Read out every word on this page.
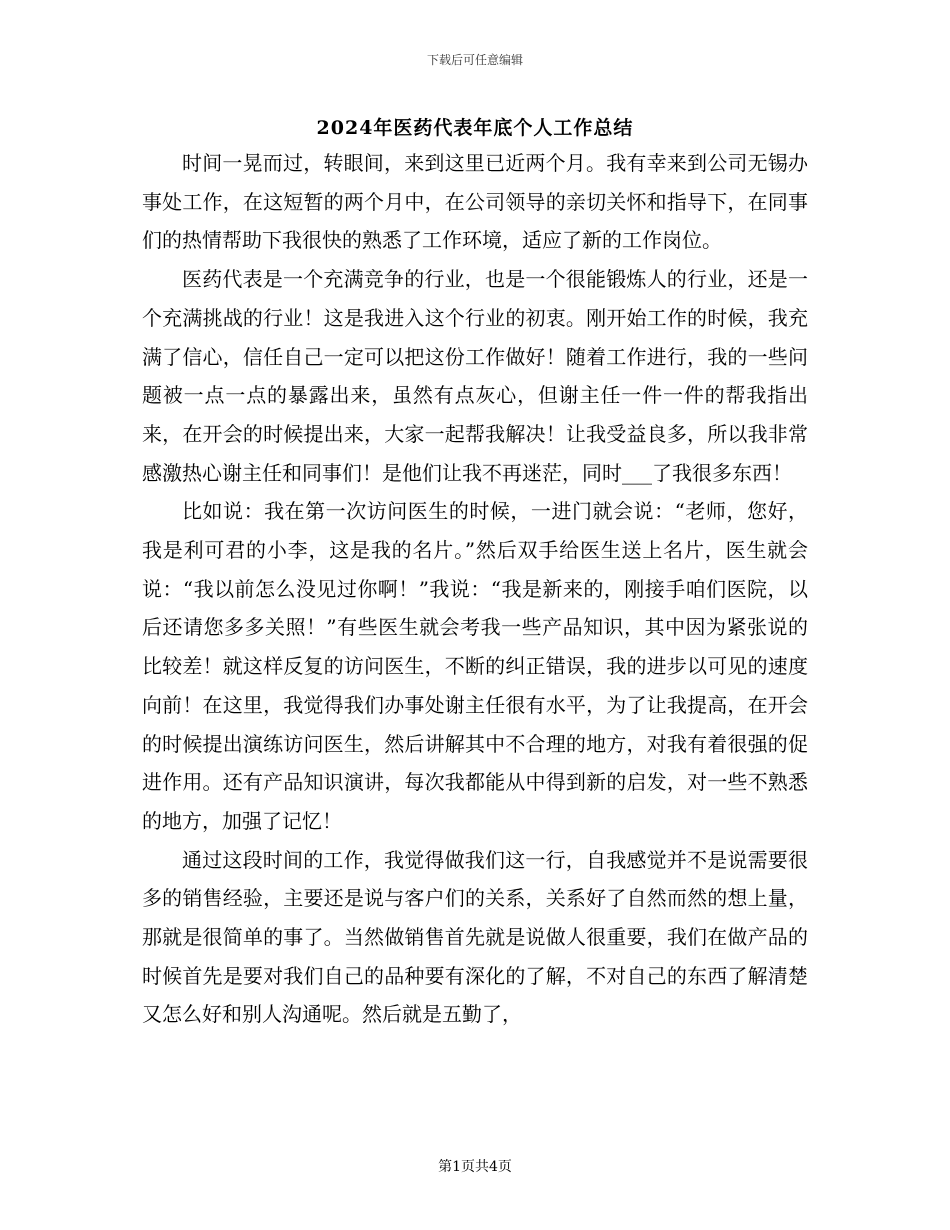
下载后可任意编辑
2024年医药代表年底个人工作总结

时间一晃而过，转眼间，来到这里已近两个月。我有幸来到公司无锡办事处工作，在这短暂的两个月中，在公司领导的亲切关怀和指导下，在同事们的热情帮助下我很快的熟悉了工作环境，适应了新的工作岗位。

医药代表是一个充满竞争的行业，也是一个很能锻炼人的行业，还是一个充满挑战的行业！这是我进入这个行业的初衷。刚开始工作的时候，我充满了信心，信任自己一定可以把这份工作做好！随着工作进行，我的一些问题被一点一点的暴露出来，虽然有点灰心，但谢主任一件一件的帮我指出来，在开会的时候提出来，大家一起帮我解决！让我受益良多，所以我非常感激热心谢主任和同事们！是他们让我不再迷茫，同时___了我很多东西！

比如说：我在第一次访问医生的时候，一进门就会说：“老师，您好，我是利可君的小李，这是我的名片。”然后双手给医生送上名片，医生就会说：“我以前怎么没见过你啊！”我说：“我是新来的，刚接手咱们医院，以后还请您多多关照！”有些医生就会考我一些产品知识，其中因为紧张说的比较差！就这样反复的访问医生，不断的纠正错误，我的进步以可见的速度向前！在这里，我觉得我们办事处谢主任很有水平，为了让我提高，在开会的时候提出演练访问医生，然后讲解其中不合理的地方，对我有着很强的促进作用。还有产品知识演讲，每次我都能从中得到新的启发，对一些不熟悉的地方，加强了记忆！

通过这段时间的工作，我觉得做我们这一行，自我感觉并不是说需要很多的销售经验，主要还是说与客户们的关系，关系好了自然而然的想上量，那就是很简单的事了。当然做销售首先就是说做人很重要，我们在做产品的时候首先是要对我们自己的品种要有深化的了解，不对自己的东西了解清楚又怎么好和别人沟通呢。然后就是五勤了，

第1页共4页
